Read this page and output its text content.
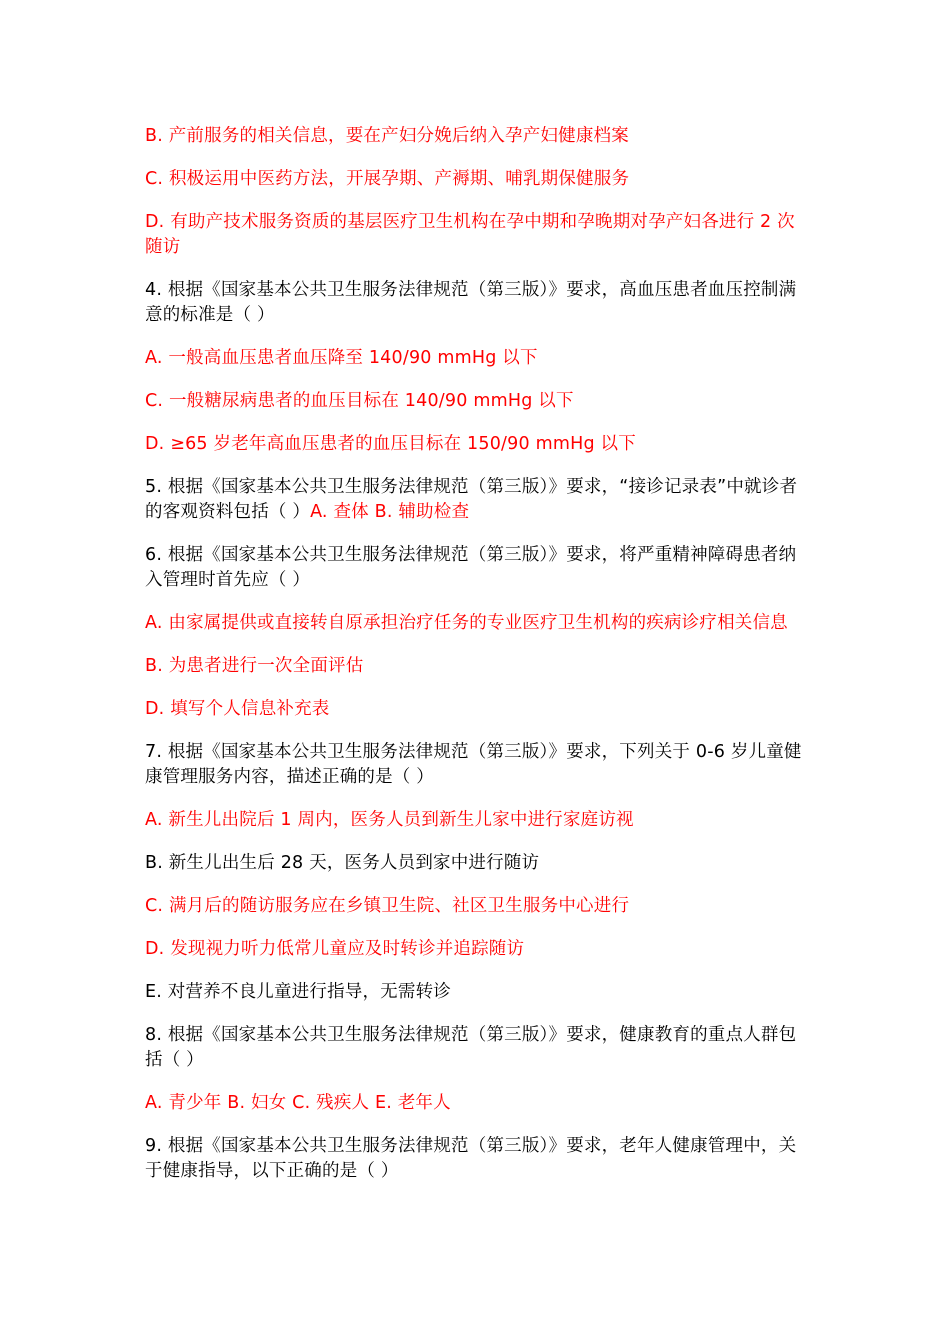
B. 产前服务的相关信息，要在产妇分娩后纳入孕产妇健康档案

C. 积极运用中医药方法，开展孕期、产褥期、哺乳期保健服务

D. 有助产技术服务资质的基层医疗卫生机构在孕中期和孕晚期对孕产妇各进行 2 次随访

4. 根据《国家基本公共卫生服务法律规范（第三版）》要求，高血压患者血压控制满意的标准是（ ）

A. 一般高血压患者血压降至 140/90 mmHg 以下

C. 一般糖尿病患者的血压目标在 140/90 mmHg 以下

D. ≥65 岁老年高血压患者的血压目标在 150/90 mmHg 以下

5. 根据《国家基本公共卫生服务法律规范（第三版）》要求，“接诊记录表”中就诊者的客观资料包括（ ）A. 查体 B. 辅助检查

6. 根据《国家基本公共卫生服务法律规范（第三版）》要求，将严重精神障碍患者纳入管理时首先应（ ）

A. 由家属提供或直接转自原承担治疗任务的专业医疗卫生机构的疾病诊疗相关信息

B. 为患者进行一次全面评估

D. 填写个人信息补充表

7. 根据《国家基本公共卫生服务法律规范（第三版）》要求，下列关于 0-6 岁儿童健康管理服务内容，描述正确的是（ ）

A. 新生儿出院后 1 周内，医务人员到新生儿家中进行家庭访视

B. 新生儿出生后 28 天，医务人员到家中进行随访

C. 满月后的随访服务应在乡镇卫生院、社区卫生服务中心进行

D. 发现视力听力低常儿童应及时转诊并追踪随访

E. 对营养不良儿童进行指导，无需转诊

8. 根据《国家基本公共卫生服务法律规范（第三版）》要求，健康教育的重点人群包括（ ）

A. 青少年 B. 妇女 C. 残疾人 E. 老年人

9. 根据《国家基本公共卫生服务法律规范（第三版）》要求，老年人健康管理中，关于健康指导，以下正确的是（ ）
